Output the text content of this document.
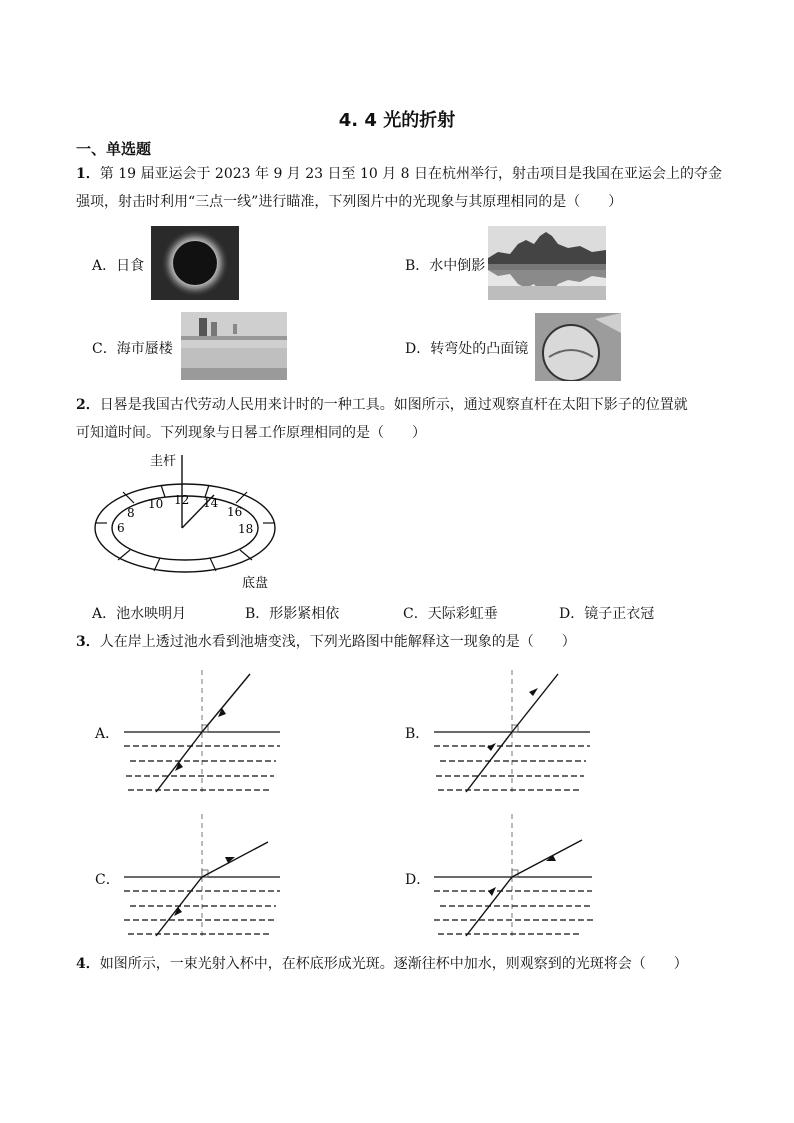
4. 4 光的折射
一、单选题
1．第 19 届亚运会于 2023 年 9 月 23 日至 10 月 8 日在杭州举行，射击项目是我国在亚运会上的夺金
强项，射击时利用“三点一线”进行瞄准，下列图片中的光现象与其原理相同的是（　　）
A．日食	B．水中倒影
C．海市蜃楼	D．转弯处的凸面镜
2．日晷是我国古代劳动人民用来计时的一种工具。如图所示，通过观察直杆在太阳下影子的位置就
可知道时间。下列现象与日晷工作原理相同的是（　　）
圭杆
6
8
10 12 14
16
18
底盘
A．池水映明月	B．形影紧相依	C．天际彩虹垂	D．镜子正衣冠
3．人在岸上透过池水看到池塘变浅，下列光路图中能解释这一现象的是（　　）
A．	B．
C．	D．
4．如图所示，一束光射入杯中，在杯底形成光斑。逐渐往杯中加水，则观察到的光斑将会（　　）
